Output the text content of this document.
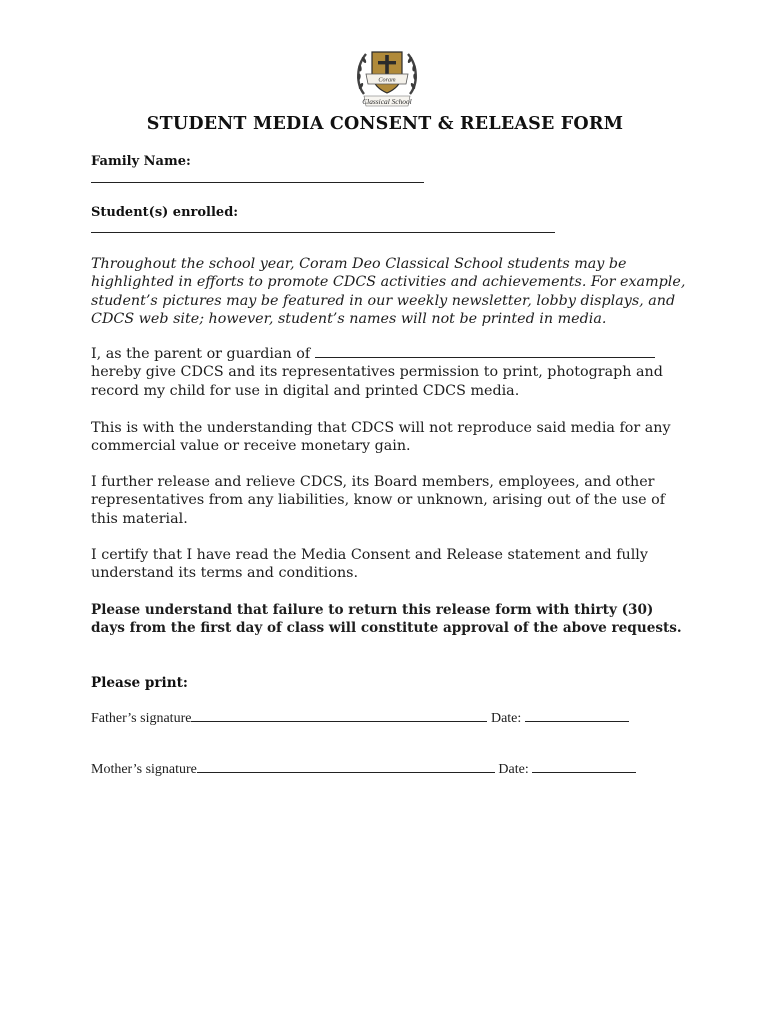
Coram
Classical School
STUDENT MEDIA CONSENT & RELEASE FORM
Family Name:
Student(s) enrolled:

Throughout the school year, Coram Deo Classical School students may be highlighted in efforts to promote CDCS activities and achievements. For example, student’s pictures may be featured in our weekly newsletter, lobby displays, and CDCS web site; however, student’s names will not be printed in media.

I, as the parent or guardian of  hereby give CDCS and its representatives permission to print, photograph and record my child for use in digital and printed CDCS media.

This is with the understanding that CDCS will not reproduce said media for any commercial value or receive monetary gain.

I further release and relieve CDCS, its Board members, employees, and other representatives from any liabilities, know or unknown, arising out of the use of this material.

I certify that I have read the Media Consent and Release statement and fully understand its terms and conditions.

Please understand that failure to return this release form with thirty (30) days from the first day of class will constitute approval of the above requests.

Please print:
Father’s signature	Date:
Mother’s signature	Date:
